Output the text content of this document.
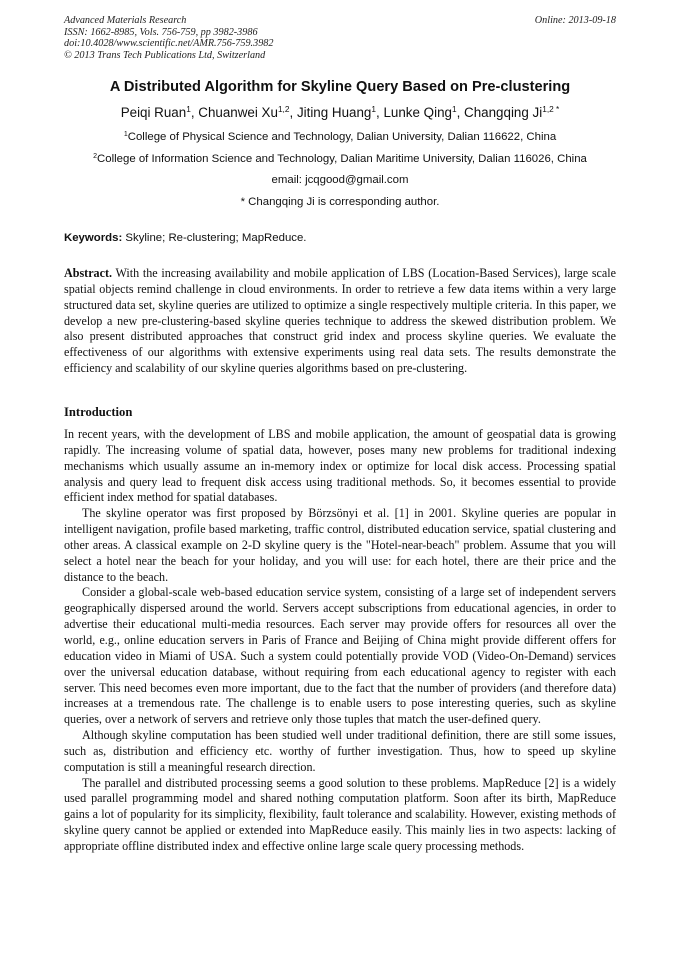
Advanced Materials Research
ISSN: 1662-8985, Vols. 756-759, pp 3982-3986
doi:10.4028/www.scientific.net/AMR.756-759.3982
© 2013 Trans Tech Publications Ltd, Switzerland
Online: 2013-09-18
A Distributed Algorithm for Skyline Query Based on Pre-clustering
Peiqi Ruan$^1$, Chuanwei Xu$^{1,2}$, Jiting Huang$^1$, Lunke Qing$^1$, Changqing $Ji^{1,2 *}$
$^1$College of Physical Science and Technology, Dalian University, Dalian 116622, China
$^2$College of Information Science and Technology, Dalian Maritime University, Dalian 116026, China
email: jcqgood@gmail.com
* Changqing Ji is corresponding author.
Keywords: Skyline; Re-clustering; MapReduce.

Abstract. With the increasing availability and mobile application of LBS (Location-Based Services), large scale spatial objects remind challenge in cloud environments. In order to retrieve a few data items within a very large structured data set, skyline queries are utilized to optimize a single respectively multiple criteria. In this paper, we develop a new pre-clustering-based skyline queries technique to address the skewed distribution problem. We also present distributed approaches that construct grid index and process skyline queries. We evaluate the effectiveness of our algorithms with extensive experiments using real data sets. The results demonstrate the efficiency and scalability of our skyline queries algorithms based on pre-clustering.

Introduction

In recent years, with the development of LBS and mobile application, the amount of geospatial data is growing rapidly. The increasing volume of spatial data, however, poses many new problems for traditional indexing mechanisms which usually assume an in-memory index or optimize for local disk access. Processing spatial analysis and query lead to frequent disk access using traditional methods. So, it becomes essential to provide efficient index method for spatial databases.

The skyline operator was first proposed by Börzsönyi et al. [1] in 2001. Skyline queries are popular in intelligent navigation, profile based marketing, traffic control, distributed education service, spatial clustering and other areas. A classical example on 2-D skyline query is the "Hotel-near-beach" problem. Assume that you will select a hotel near the beach for your holiday, and you will use: for each hotel, there are their price and the distance to the beach.

Consider a global-scale web-based education service system, consisting of a large set of independent servers geographically dispersed around the world. Servers accept subscriptions from educational agencies, in order to advertise their educational multi-media resources. Each server may provide offers for resources all over the world, e.g., online education servers in Paris of France and Beijing of China might provide different offers for education video in Miami of USA. Such a system could potentially provide VOD (Video-On-Demand) services over the universal education database, without requiring from each educational agency to register with each server. This need becomes even more important, due to the fact that the number of providers (and therefore data) increases at a tremendous rate. The challenge is to enable users to pose interesting queries, such as skyline queries, over a network of servers and retrieve only those tuples that match the user-defined query.

Although skyline computation has been studied well under traditional definition, there are still some issues, such as, distribution and efficiency etc. worthy of further investigation. Thus, how to speed up skyline computation is still a meaningful research direction.

The parallel and distributed processing seems a good solution to these problems. MapReduce [2] is a widely used parallel programming model and shared nothing computation platform. Soon after its birth, MapReduce gains a lot of popularity for its simplicity, flexibility, fault tolerance and scalability. However, existing methods of skyline query cannot be applied or extended into MapReduce easily. This mainly lies in two aspects: lacking of appropriate offline distributed index and effective online large scale query processing methods.
